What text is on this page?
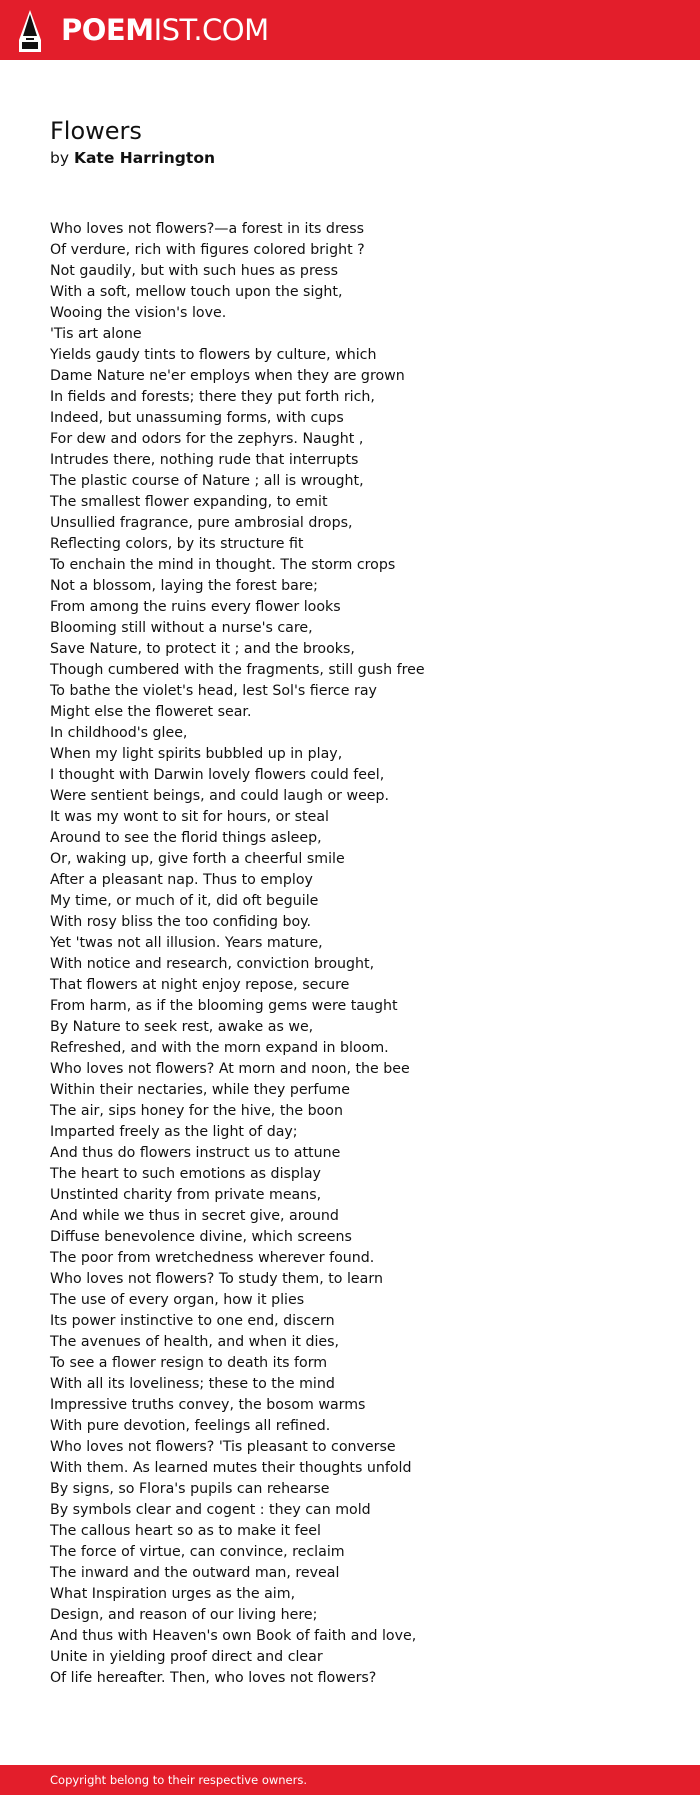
POEMIST.COM
Flowers
by Kate Harrington
Who loves not flowers?—a forest in its dress
Of verdure, rich with figures colored bright ?
Not gaudily, but with such hues as press
With a soft, mellow touch upon the sight,
Wooing the vision's love.
'Tis art alone
Yields gaudy tints to flowers by culture, which
Dame Nature ne'er employs when they are grown
In fields and forests; there they put forth rich,
Indeed, but unassuming forms, with cups
For dew and odors for the zephyrs. Naught ,
Intrudes there, nothing rude that interrupts
The plastic course of Nature ; all is wrought,
The smallest flower expanding, to emit
Unsullied fragrance, pure ambrosial drops,
Reflecting colors, by its structure fit
To enchain the mind in thought. The storm crops
Not a blossom, laying the forest bare;
From among the ruins every flower looks
Blooming still without a nurse's care,
Save Nature, to protect it ; and the brooks,
Though cumbered with the fragments, still gush free
To bathe the violet's head, lest Sol's fierce ray
Might else the floweret sear.
In childhood's glee,
When my light spirits bubbled up in play,
I thought with Darwin lovely flowers could feel,
Were sentient beings, and could laugh or weep.
It was my wont to sit for hours, or steal
Around to see the florid things asleep,
Or, waking up, give forth a cheerful smile
After a pleasant nap. Thus to employ
My time, or much of it, did oft beguile
With rosy bliss the too confiding boy.
Yet 'twas not all illusion. Years mature,
With notice and research, conviction brought,
That flowers at night enjoy repose, secure
From harm, as if the blooming gems were taught
By Nature to seek rest, awake as we,
Refreshed, and with the morn expand in bloom.
Who loves not flowers? At morn and noon, the bee
Within their nectaries, while they perfume
The air, sips honey for the hive, the boon
Imparted freely as the light of day;
And thus do flowers instruct us to attune
The heart to such emotions as display
Unstinted charity from private means,
And while we thus in secret give, around
Diffuse benevolence divine, which screens
The poor from wretchedness wherever found.
Who loves not flowers? To study them, to learn
The use of every organ, how it plies
Its power instinctive to one end, discern
The avenues of health, and when it dies,
To see a flower resign to death its form
With all its loveliness; these to the mind
Impressive truths convey, the bosom warms
With pure devotion, feelings all refined.
Who loves not flowers? 'Tis pleasant to converse
With them. As learned mutes their thoughts unfold
By signs, so Flora's pupils can rehearse
By symbols clear and cogent : they can mold
The callous heart so as to make it feel
The force of virtue, can convince, reclaim
The inward and the outward man, reveal
What Inspiration urges as the aim,
Design, and reason of our living here;
And thus with Heaven's own Book of faith and love,
Unite in yielding proof direct and clear
Of life hereafter. Then, who loves not flowers?
Copyright belong to their respective owners.
